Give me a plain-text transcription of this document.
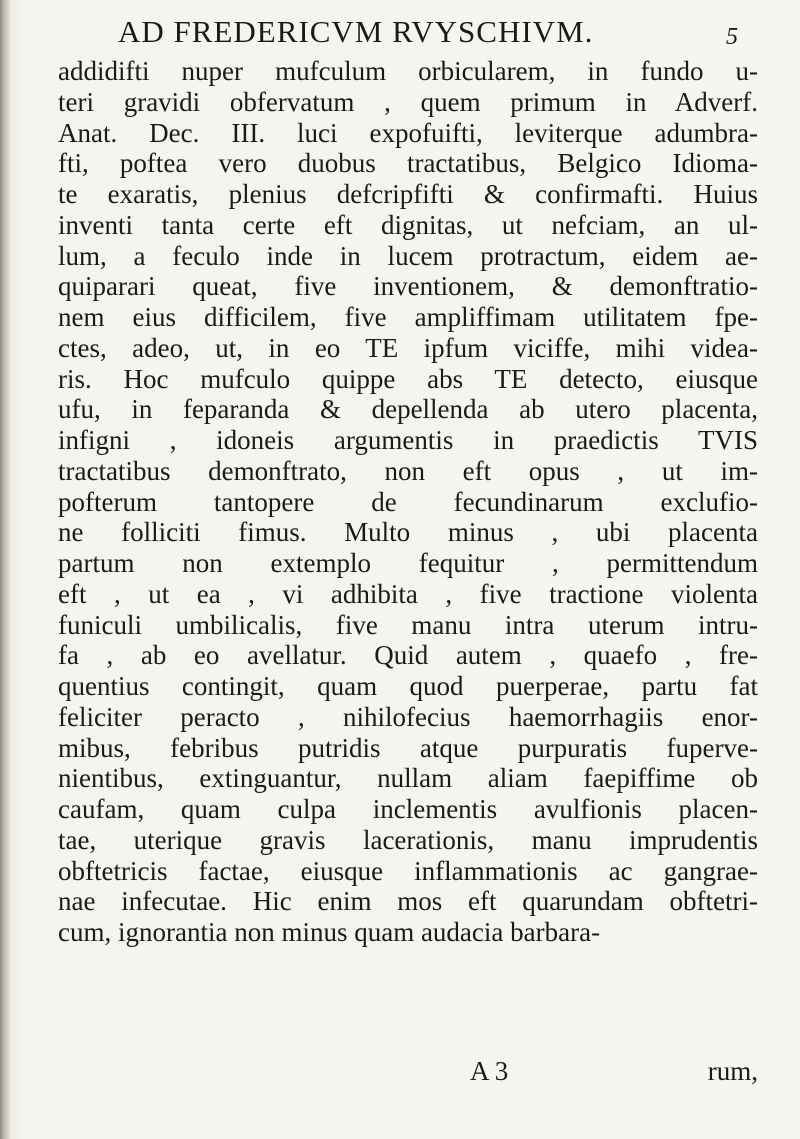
AD FREDERICVM RVYSCHIVM.	5
addidifti nuper mufculum orbicularem, in fundo u-
teri gravidi obfervatum , quem primum in Adverf.
Anat. Dec. III. luci expofuifti, leviterque adumbra-
fti, poftea vero duobus tractatibus, Belgico Idioma-
te exaratis, plenius defcripfifti & confirmafti. Huius
inventi tanta certe eft dignitas, ut nefciam, an ul-
lum, a feculo inde in lucem protractum, eidem ae-
quiparari queat, five inventionem, & demonftratio-
nem eius difficilem, five ampliffimam utilitatem fpe-
ctes, adeo, ut, in eo TE ipfum viciffe, mihi videa-
ris. Hoc mufculo quippe abs TE detecto, eiusque
ufu, in feparanda & depellenda ab utero placenta,
infigni , idoneis argumentis in praedictis TVIS
tractatibus demonftrato, non eft opus , ut im-
pofterum tantopere de fecundinarum exclufio-
ne folliciti fimus. Multo minus , ubi placenta
partum non extemplo fequitur , permittendum
eft , ut ea , vi adhibita , five tractione violenta
funiculi umbilicalis, five manu intra uterum intru-
fa , ab eo avellatur. Quid autem , quaefo , fre-
quentius contingit, quam quod puerperae, partu fat
feliciter peracto , nihilofecius haemorrhagiis enor-
mibus, febribus putridis atque purpuratis fuperve-
nientibus, extinguantur, nullam aliam faepiffime ob
caufam, quam culpa inclementis avulfionis placen-
tae, uterique gravis lacerationis, manu imprudentis
obftetricis factae, eiusque inflammationis ac gangrae-
nae infecutae. Hic enim mos eft quarundam obftetri-
cum, ignorantia non minus quam audacia barbara-
A 3	rum,
